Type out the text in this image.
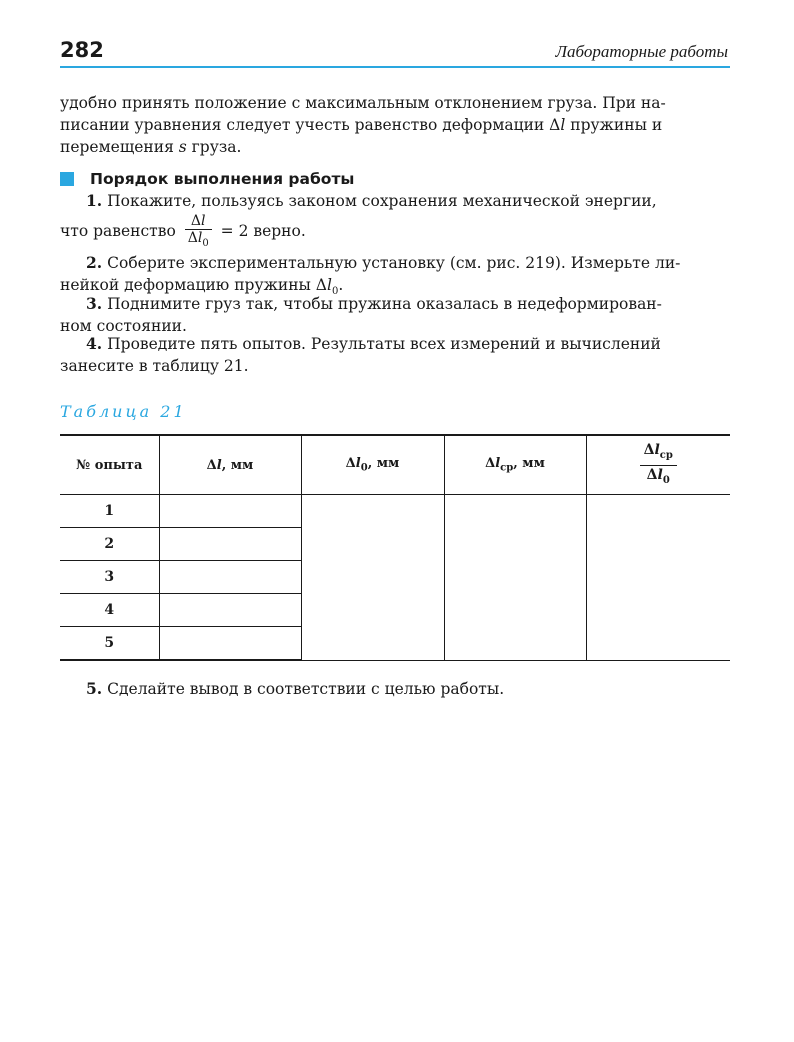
282	Лабораторные работы

удобно принять положение с максимальным отклонением груза. При на-
писании уравнения следует учесть равенство деформации Δl пружины и
перемещения s груза.

Порядок выполнения работы

1. Покажите, пользуясь законом сохранения механической энергии,
что равенство $\frac{\Delta l}{\Delta l_0} = 2$ верно.

2. Соберите экспериментальную установку (см. рис. 219). Измерьте ли-
нейкой деформацию пружины $\Delta l_0$.

3. Поднимите груз так, чтобы пружина оказалась в недеформирован-
ном состоянии.

4. Проведите пять опытов. Результаты всех измерений и вычислений
занесите в таблицу 21.

Таблица 21
№ опыта	Δl, мм	$\Delta l_0$, мм	$\Delta l_{ср}$, мм	$\frac{\Delta l_{ср}}{\Delta l_0}$

1				
2				
3				
4				
5				

5. Сделайте вывод в соответствии с целью работы.
